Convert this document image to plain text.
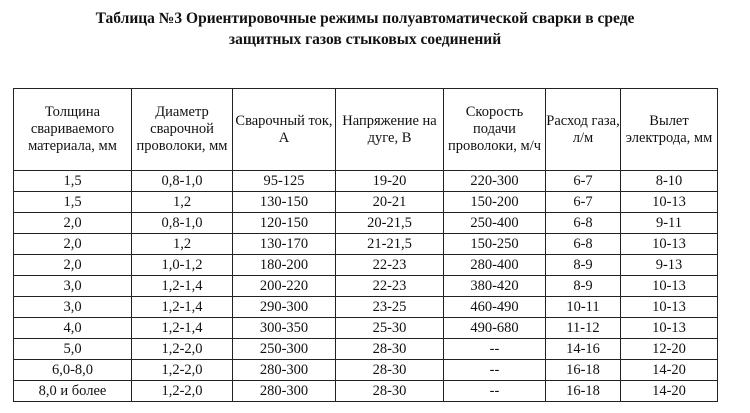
Таблица №3 Ориентировочные режимы полуавтоматической сварки в среде
защитных газов стыковых соединений
Толщина свариваемого материала, мм	Диаметр сварочной проволоки, мм	Сварочный ток, А	Напряжение на дуге, В	Скорость подачи проволоки, м/ч	Расход газа, л/м	Вылет электрода, мм
1,5	0,8-1,0	95-125	19-20	220-300	6-7	8-10
1,5	1,2	130-150	20-21	150-200	6-7	10-13
2,0	0,8-1,0	120-150	20-21,5	250-400	6-8	9-11
2,0	1,2	130-170	21-21,5	150-250	6-8	10-13
2,0	1,0-1,2	180-200	22-23	280-400	8-9	9-13
3,0	1,2-1,4	200-220	22-23	380-420	8-9	10-13
3,0	1,2-1,4	290-300	23-25	460-490	10-11	10-13
4,0	1,2-1,4	300-350	25-30	490-680	11-12	10-13
5,0	1,2-2,0	250-300	28-30	--	14-16	12-20
6,0-8,0	1,2-2,0	280-300	28-30	--	16-18	14-20
8,0 и более	1,2-2,0	280-300	28-30	--	16-18	14-20
